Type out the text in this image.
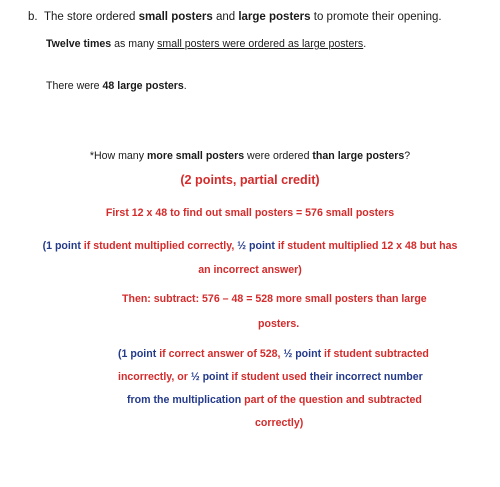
b. The store ordered small posters and large posters to promote their opening.
Twelve times as many small posters were ordered as large posters.
There were 48 large posters.
*How many more small posters were ordered than large posters?
(2 points, partial credit)
First 12 x 48 to find out small posters = 576 small posters
(1 point if student multiplied correctly, ½ point if student multiplied 12 x 48 but has
an incorrect answer)
Then: subtract: 576 – 48 = 528 more small posters than large
posters.
(1 point if correct answer of 528, ½ point if student subtracted
incorrectly, or ½ point if student used their incorrect number
from the multiplication part of the question and subtracted
correctly)
